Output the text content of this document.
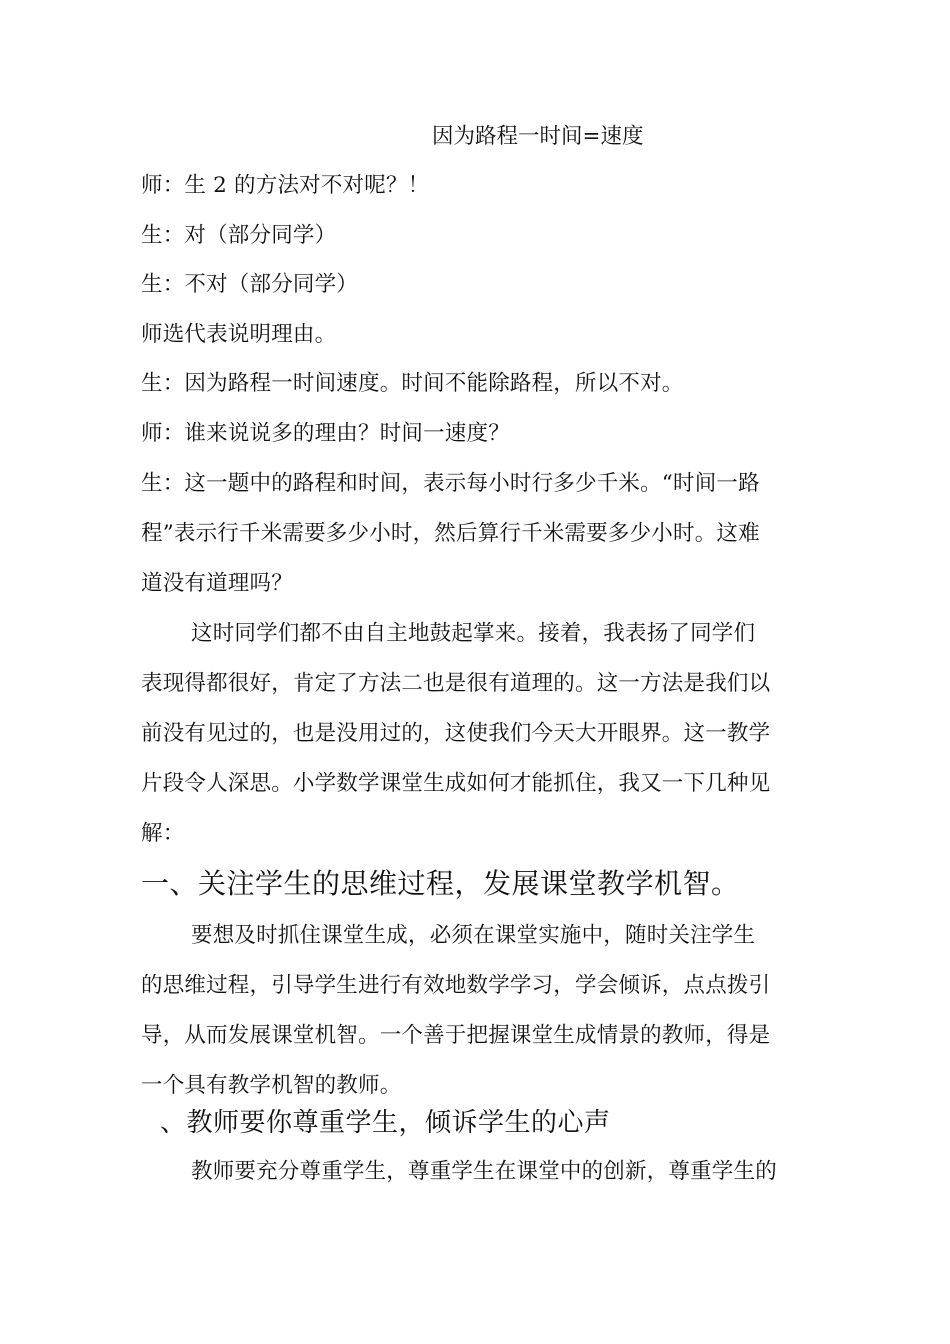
因为路程一时间=速度
师：生 2 的方法对不对呢？！
生：对（部分同学）
生：不对（部分同学）
师选代表说明理由。
生：因为路程一时间速度。时间不能除路程，所以不对。
师：谁来说说多的理由？时间一速度？
生：这一题中的路程和时间，表示每小时行多少千米。“时间一路
程”表示行千米需要多少小时，然后算行千米需要多少小时。这难
道没有道理吗？
这时同学们都不由自主地鼓起掌来。接着，我表扬了同学们
表现得都很好，肯定了方法二也是很有道理的。这一方法是我们以
前没有见过的，也是没用过的，这使我们今天大开眼界。这一教学
片段令人深思。小学数学课堂生成如何才能抓住，我又一下几种见
解：
一、关注学生的思维过程，发展课堂教学机智。
要想及时抓住课堂生成，必须在课堂实施中，随时关注学生
的思维过程，引导学生进行有效地数学学习，学会倾诉，点点拨引
导，从而发展课堂机智。一个善于把握课堂生成情景的教师，得是
一个具有教学机智的教师。
、教师要你尊重学生，倾诉学生的心声
教师要充分尊重学生，尊重学生在课堂中的创新，尊重学生的
